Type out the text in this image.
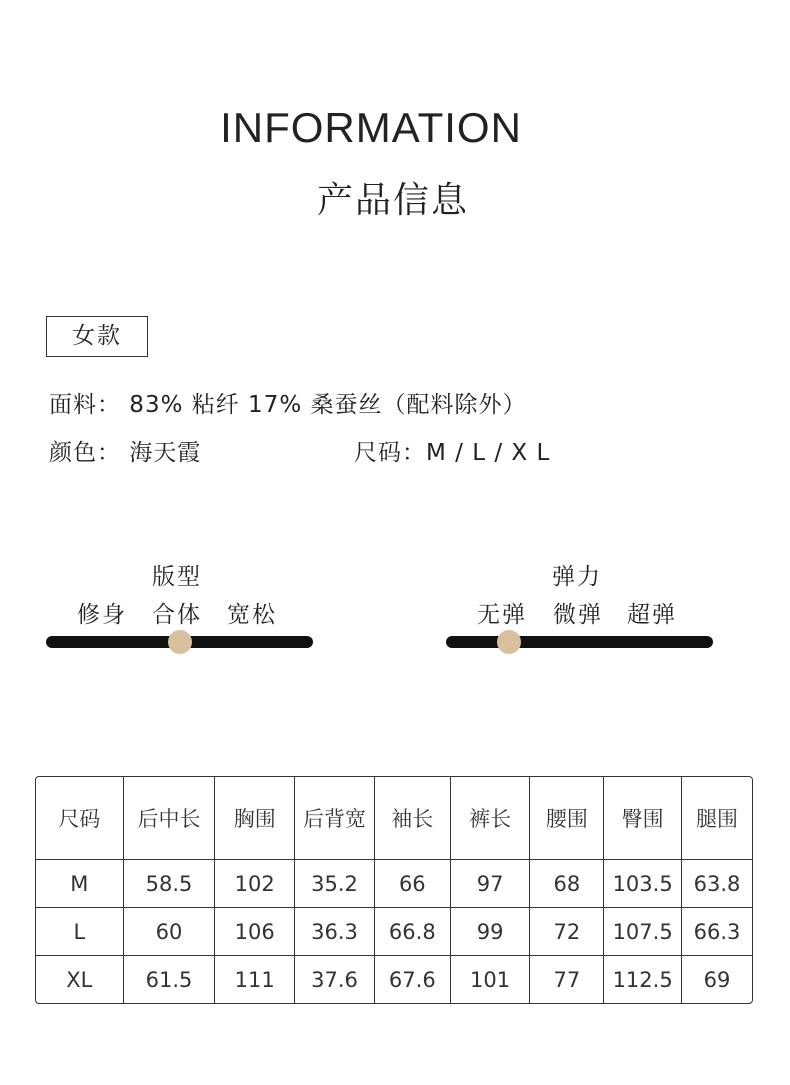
INFORMATION
产品信息
女款
面料： 83% 粘纤 17% 桑蚕丝（配料除外）
颜色： 海天霞	尺码：M / L / X L
版型
修身 合体 宽松
弹力
无弹 微弹 超弹
尺码	后中长	胸围	后背宽	袖长	裤长	腰围	臀围	腿围
M	58.5	102	35.2	66	97	68	103.5	63.8
L	60	106	36.3	66.8	99	72	107.5	66.3
XL	61.5	111	37.6	67.6	101	77	112.5	69
